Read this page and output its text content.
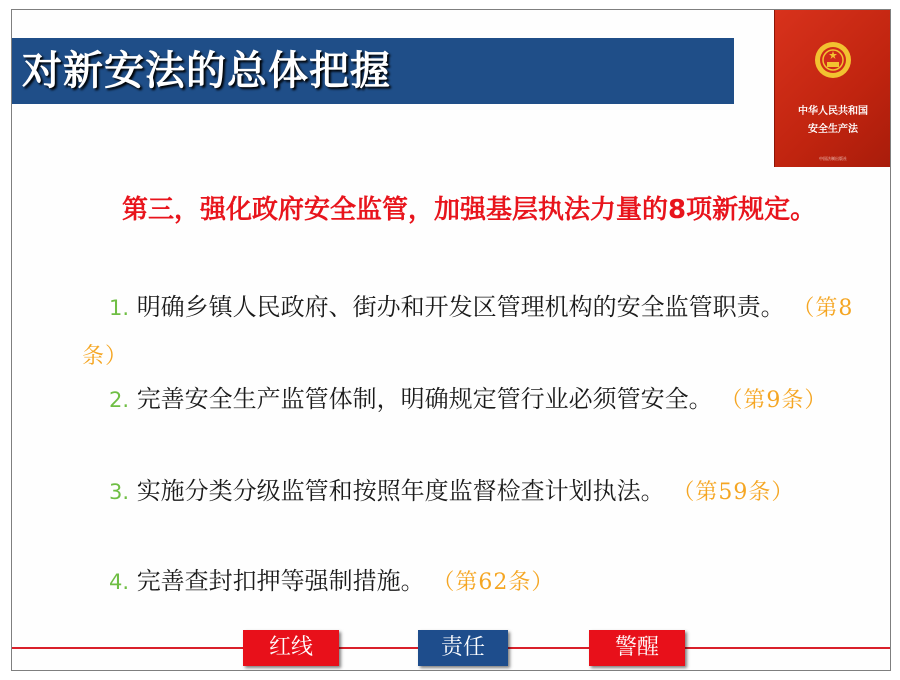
对新安法的总体把握
中华人民共和国
安全生产法
中国法制出版社
第三，强化政府安全监管，加强基层执法力量的8项新规定。
1. 明确乡镇人民政府、街办和开发区管理机构的安全监管职责。 （第8条）
2. 完善安全生产监管体制，明确规定管行业必须管安全。 （第9条）
3. 实施分类分级监管和按照年度监督检查计划执法。 （第59条）
4. 完善查封扣押等强制措施。 （第62条）
红线	责任	警醒
